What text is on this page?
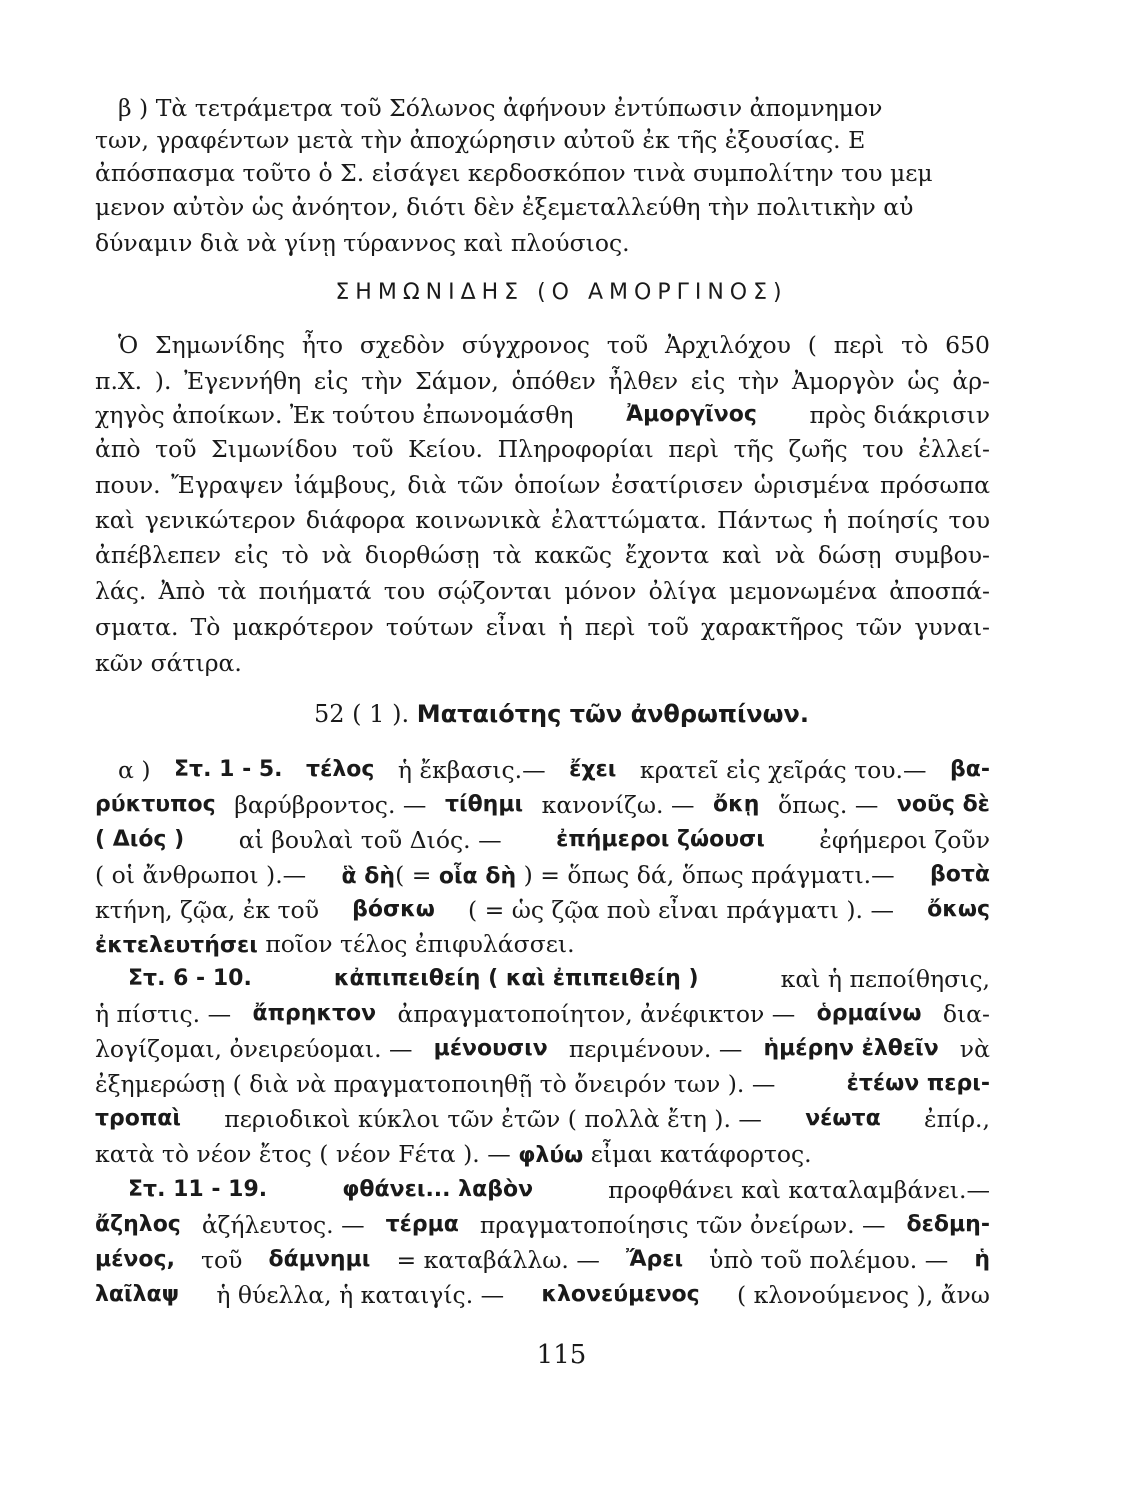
β ) Τὰ τετράμετρα τοῦ Σόλωνος ἀφήνουν ἐντύπωσιν ἀπομνημον
των, γραφέντων μετὰ τὴν ἀποχώρησιν αὐτοῦ ἐκ τῆς ἐξουσίας. Ε
ἀπόσπασμα τοῦτο ὁ Σ. εἰσάγει κερδοσκόπον τινὰ συμπολίτην του μεμ
μενον αὐτὸν ὡς ἀνόητον, διότι δὲν ἐξεμεταλλεύθη τὴν πολιτικὴν αὐ
δύναμιν διὰ νὰ γίνῃ τύραννος καὶ πλούσιος.
ΣΗΜΩΝΙΔΗΣ (Ο ΑΜΟΡΓΙΝΟΣ)
Ὁ Σημωνίδης ἦτο σχεδὸν σύγχρονος τοῦ Ἀρχιλόχου ( περὶ τὸ 650
π.Χ. ). Ἐγεννήθη εἰς τὴν Σάμον, ὁπόθεν ἦλθεν εἰς τὴν Ἀμοργὸν ὡς ἀρ-
χηγὸς ἀποίκων. Ἐκ τούτου ἐπωνομάσθη Ἀμοργῖνος πρὸς διάκρισιν
ἀπὸ τοῦ Σιμωνίδου τοῦ Κείου. Πληροφορίαι περὶ τῆς ζωῆς του ἐλλεί-
πουν. Ἔγραψεν ἰάμβους, διὰ τῶν ὁποίων ἐσατίρισεν ὡρισμένα πρόσωπα
καὶ γενικώτερον διάφορα κοινωνικὰ ἐλαττώματα. Πάντως ἡ ποίησίς του
ἀπέβλεπεν εἰς τὸ νὰ διορθώσῃ τὰ κακῶς ἔχοντα καὶ νὰ δώσῃ συμβου-
λάς. Ἀπὸ τὰ ποιήματά του σῴζονται μόνον ὀλίγα μεμονωμένα ἀποσπά-
σματα. Τὸ μακρότερον τούτων εἶναι ἡ περὶ τοῦ χαρακτῆρος τῶν γυναι-
κῶν σάτιρα.
52 ( 1 ). Ματαιότης τῶν ἀνθρωπίνων.
α ) Στ. 1 - 5. τέλος ἡ ἔκβασις.— ἔχει κρατεῖ εἰς χεῖράς του.— βα-
ρύκτυπος βαρύβροντος. — τίθημι κανονίζω. — ὄκῃ ὅπως. — νοῦς δὲ
( Διός ) αἱ βουλαὶ τοῦ Διός. — ἐπήμεροι ζώουσι ἐφήμεροι ζοῦν
( οἱ ἄνθρωποι ).— ἃ δὴ( = οἷα δὴ ) = ὅπως δά, ὅπως πράγματι.— βοτὰ
κτήνη, ζῷα, ἐκ τοῦ βόσκω ( = ὡς ζῷα ποὺ εἶναι πράγματι ). — ὄκως
ἐκτελευτήσει ποῖον τέλος ἐπιφυλάσσει.
Στ. 6 - 10.	κἀπιπειθείη ( καὶ ἐπιπειθείη )	καὶ ἡ πεποίθησις,
ἡ πίστις. — ἄπρηκτον ἀπραγματοποίητον, ἀνέφικτον — ὁρμαίνω δια-
λογίζομαι, ὀνειρεύομαι. — μένουσιν περιμένουν. — ἡμέρην ἐλθεῖν νὰ
ἐξημερώσῃ ( διὰ νὰ πραγματοποιηθῇ τὸ ὄνειρόν των ). —	ἐτέων περι-
τροπαὶ περιοδικοὶ κύκλοι τῶν ἐτῶν ( πολλὰ ἔτη ). — νέωτα ἐπίρ.,
κατὰ τὸ νέον ἔτος ( νέον Fέτα ). — φλύω εἶμαι κατάφορτος.
Στ. 11 - 19.	φθάνει... λαβὸν	προφθάνει καὶ καταλαμβάνει.—
ἄζηλος ἀζήλευτος. — τέρμα πραγματοποίησις τῶν ὀνείρων. — δεδμη-
μένος, τοῦ δάμνημι = καταβάλλω. — Ἄρει ὑπὸ τοῦ πολέμου. — ἡ
λαῖλαψ ἡ θύελλα, ἡ καταιγίς. — κλονεύμενος ( κλονούμενος ), ἄνω
115
